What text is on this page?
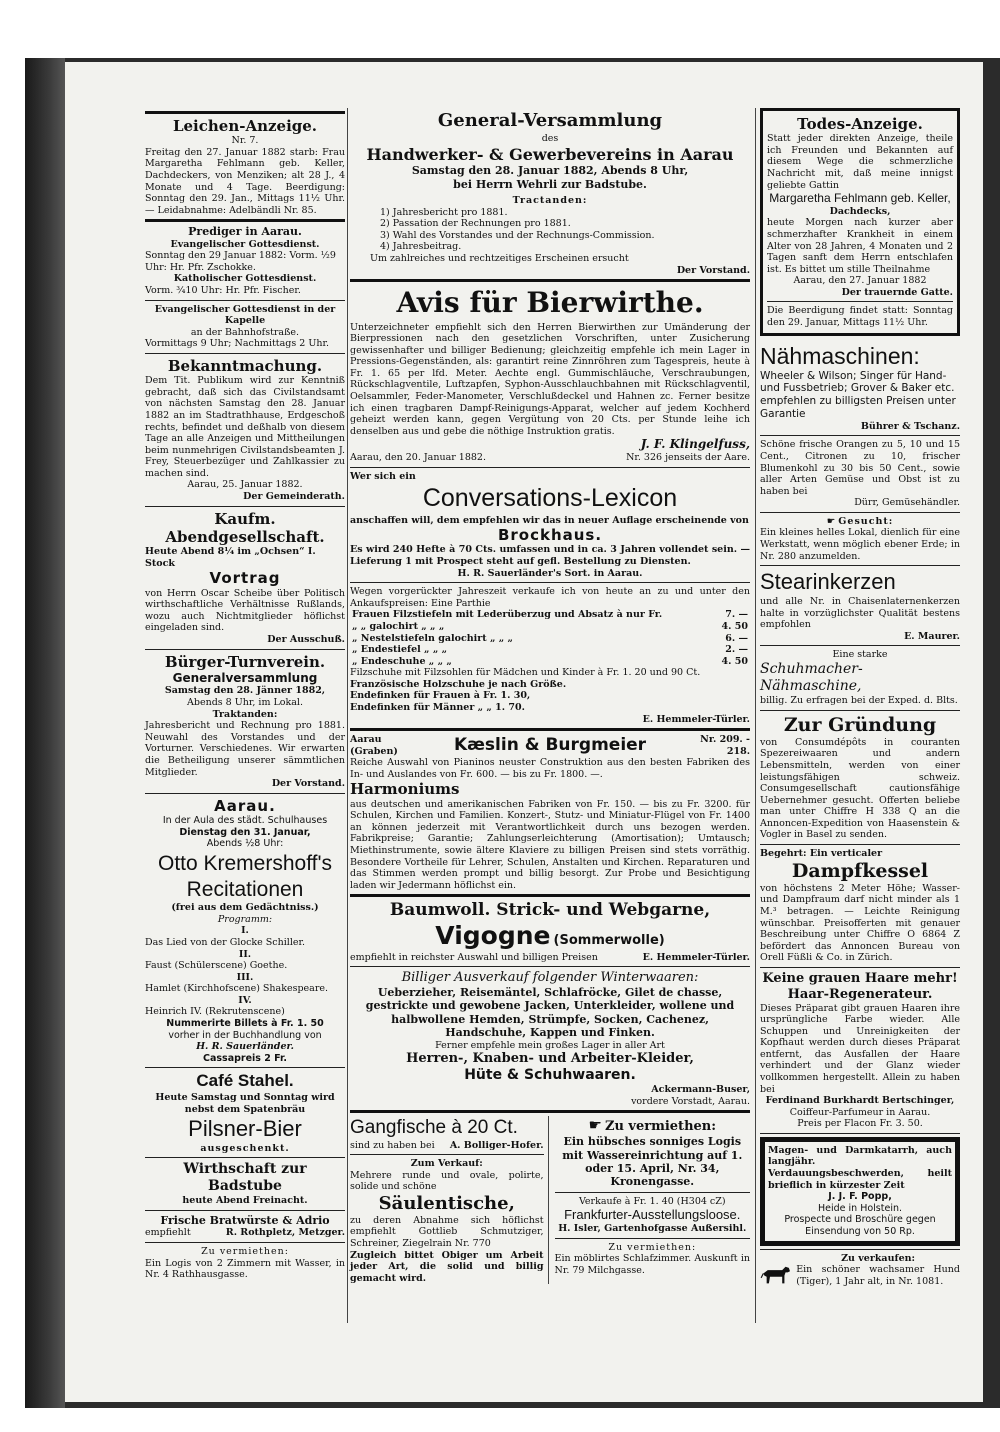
Leichen-Anzeige.
Nr. 7.

Freitag den 27. Januar 1882 starb: Frau Margaretha Fehlmann geb. Keller, Dachdeckers, von Menziken; alt 28 J., 4 Monate und 4 Tage. Beerdigung: Sonntag den 29. Jan., Mittags 11½ Uhr. — Leidabnahme: Adelbändli Nr. 85.

Prediger in Aarau.
Evangelischer Gottesdienst.

Sonntag den 29 Januar 1882: Vorm. ½9 Uhr: Hr. Pfr. Zschokke.

Katholischer Gottesdienst.

Vorm. ¾10 Uhr: Hr. Pfr. Fischer.

Evangelischer Gottesdienst in der Kapelle
an der Bahnhofstraße.

Vormittags 9 Uhr; Nachmittags 2 Uhr.

Bekanntmachung.

Dem Tit. Publikum wird zur Kenntniß gebracht, daß sich das Civilstandsamt von nächsten Samstag den 28. Januar 1882 an im Stadtrathhause, Erdgeschoß rechts, befindet und deßhalb von diesem Tage an alle Anzeigen und Mittheilungen beim nunmehrigen Civilstandsbeamten J. Frey, Steuerbezüger und Zahlkassier zu machen sind.

Aarau, 25. Januar 1882.
Der Gemeinderath.
Kaufm. Abendgesellschaft.
Heute Abend 8¼ im „Ochsen“ I. Stock
Vortrag

von Herrn Oscar Scheibe über Politisch wirthschaftliche Verhältnisse Rußlands, wozu auch Nichtmitglieder höflichst eingeladen sind.

Der Ausschuß.
Bürger-Turnverein.
Generalversammlung
Samstag den 28. Jänner 1882,
Abends 8 Uhr, im Lokal.
Traktanden:

Jahresbericht und Rechnung pro 1881. Neuwahl des Vorstandes und der Vorturner. Verschiedenes. Wir erwarten die Betheiligung unserer sämmtlichen Mitglieder.

Der Vorstand.
Aarau.
In der Aula des städt. Schulhauses
Dienstag den 31. Januar,
Abends ½8 Uhr:
Otto Kremershoff's
Recitationen
(frei aus dem Gedächtniss.)
Programm:
I.
Das Lied von der Glocke Schiller.
II.
Faust (Schülerscene) Goethe.
III.
Hamlet (Kirchhofscene) Shakespeare.
IV.
Heinrich IV. (Rekrutenscene)
Nummerirte Billets à Fr. 1. 50
vorher in der Buchhandlung von
H. R. Sauerländer.
Cassapreis 2 Fr.
Café Stahel.

Heute Samstag und Sonntag wird nebst dem Spatenbräu

Pilsner-Bier
ausgeschenkt.
Wirthschaft zur Badstube
heute Abend Freinacht.
Frische Bratwürste & Adrio
empfiehlt	R. Rothpletz, Metzger.
Zu vermiethen:

Ein Logis von 2 Zimmern mit Wasser, in Nr. 4 Rathhausgasse.

General-Versammlung
des
Handwerker- & Gewerbevereins in Aarau
Samstag den 28. Januar 1882, Abends 8 Uhr,
bei Herrn Wehrli zur Badstube.
Tractanden:
1) Jahresbericht pro 1881.
2) Passation der Rechnungen pro 1881.
3) Wahl des Vorstandes und der Rechnungs-Commission.
4) Jahresbeitrag.
Um zahlreiches und rechtzeitiges Erscheinen ersucht
Der Vorstand.
Avis für Bierwirthe.

Unterzeichneter empfiehlt sich den Herren Bierwirthen zur Umänderung der Bierpressionen nach den gesetzlichen Vorschriften, unter Zusicherung gewissenhafter und billiger Bedienung; gleichzeitig empfehle ich mein Lager in Pressions-Gegenständen, als: garantirt reine Zinnröhren zum Tagespreis, heute à Fr. 1. 65 per lfd. Meter. Aechte engl. Gummischläuche, Verschraubungen, Rückschlagventile, Luftzapfen, Syphon-Ausschlauchbahnen mit Rückschlagventil, Oelsammler, Feder-Manometer, Verschlußdeckel und Hahnen zc. Ferner besitze ich einen tragbaren Dampf-Reinigungs-Apparat, welcher auf jedem Kochherd geheizt werden kann, gegen Vergütung von 20 Cts. per Stunde leihe ich denselben aus und gebe die nöthige Instruktion gratis.

J. F. Klingelfuss,
Aarau, den 20. Januar 1882.	Nr. 326 jenseits der Aare.
Wer sich ein
Conversations-Lexicon

anschaffen will, dem empfehlen wir das in neuer Auflage erscheinende von

Brockhaus.

Es wird 240 Hefte à 70 Cts. umfassen und in ca. 3 Jahren vollendet sein. — Lieferung 1 mit Prospect steht auf gefl. Bestellung zu Diensten.

H. R. Sauerländer's Sort. in Aarau.

Wegen vorgerückter Jahreszeit verkaufe ich von heute an zu und unter den Ankaufspreisen: Eine Parthie

Frauen Filzstiefeln mit Lederüberzug und Absatz à nur Fr.	7. —
„ „ galochirt „ „ „	4. 50
„ Nestelstiefeln galochirt „ „ „	6. —
„ Endestiefel „ „ „	2. —
„ Endeschuhe „ „ „	4. 50
Filzschuhe mit Filzsohlen für Mädchen und Kinder à Fr. 1. 20 und 90 Ct.
Französische Holzschuhe je nach Größe.
Endefinken für Frauen à Fr. 1. 30,
Endefinken für Männer „ „ 1. 70.
E. Hemmeler-Türler.
Aarau (Graben)	Kæslin & Burgmeier	Nr. 209. - 218.

Reiche Auswahl von Pianinos neuster Construktion aus den besten Fabriken des In- und Auslandes von Fr. 600. — bis zu Fr. 1800. —.

Harmoniums

aus deutschen und amerikanischen Fabriken von Fr. 150. — bis zu Fr. 3200. für Schulen, Kirchen und Familien. Konzert-, Stutz- und Miniatur-Flügel von Fr. 1400 an können jederzeit mit Verantwortlichkeit durch uns bezogen werden. Fabrikpreise; Garantie; Zahlungserleichterung (Amortisation); Umtausch; Miethinstrumente, sowie ältere Klaviere zu billigen Preisen sind stets vorräthig. Besondere Vortheile für Lehrer, Schulen, Anstalten und Kirchen. Reparaturen und das Stimmen werden prompt und billig besorgt. Zur Probe und Besichtigung laden wir Jedermann höflichst ein.

Baumwoll. Strick- und Webgarne,
Vigogne (Sommerwolle)
empfiehlt in reichster Auswahl und billigen Preisen	E. Hemmeler-Türler.
Billiger Ausverkauf folgender Winterwaaren:

Ueberzieher, Reisemäntel, Schlafröcke, Gilet de chasse, gestrickte und gewobene Jacken, Unterkleider, wollene und halbwollene Hemden, Strümpfe, Socken, Cachenez, Handschuhe, Kappen und Finken.

Ferner empfehle mein großes Lager in aller Art
Herren-, Knaben- und Arbeiter-Kleider,
Hüte & Schuhwaaren.
Ackermann-Buser,
vordere Vorstadt, Aarau.
Gangfische à 20 Ct.
sind zu haben bei A. Bolliger-Hofer.
Zum Verkauf:

Mehrere runde und ovale, polirte, solide und schöne

Säulentische,

zu deren Abnahme sich höflichst empfiehlt Gottlieb Schmutziger, Schreiner, Ziegelrain Nr. 770

Zugleich bittet Obiger um Arbeit jeder Art, die solid und billig gemacht wird.

☛ Zu vermiethen:

Ein hübsches sonniges Logis mit Wassereinrichtung auf 1. oder 15. April, Nr. 34, Kronengasse.

Verkaufe à Fr. 1. 40 (H304 cZ)
Frankfurter-Ausstellungsloose.
H. Isler, Gartenhofgasse Außersihl.
Zu vermiethen:

Ein möblirtes Schlafzimmer. Auskunft in Nr. 79 Milchgasse.

Todes-Anzeige.

Statt jeder direkten Anzeige, theile ich Freunden und Bekannten auf diesem Wege die schmerzliche Nachricht mit, daß meine innigst geliebte Gattin

Margaretha Fehlmann geb. Keller,
Dachdecks,

heute Morgen nach kurzer aber schmerzhafter Krankheit in einem Alter von 28 Jahren, 4 Monaten und 2 Tagen sanft dem Herrn entschlafen ist. Es bittet um stille Theilnahme

Aarau, den 27. Januar 1882
Der trauernde Gatte.

Die Beerdigung findet statt: Sonntag den 29. Januar, Mittags 11½ Uhr.

Nähmaschinen:

Wheeler & Wilson; Singer für Hand- und Fussbetrieb; Grover & Baker etc. empfehlen zu billigsten Preisen unter Garantie

Bührer & Tschanz.

Schöne frische Orangen zu 5, 10 und 15 Cent., Citronen zu 10, frischer Blumenkohl zu 30 bis 50 Cent., sowie aller Arten Gemüse und Obst ist zu haben bei

Dürr, Gemüsehändler.
☛ Gesucht:

Ein kleines helles Lokal, dienlich für eine Werkstatt, wenn möglich ebener Erde; in Nr. 280 anzumelden.

Stearinkerzen

und alle Nr. in Chaisenlaternenkerzen halte in vorzüglichster Qualität bestens empfohlen

E. Maurer.
Eine starke
Schuhmacher-Nähmaschine,

billig. Zu erfragen bei der Exped. d. Blts.

Zur Gründung

von Consumdépôts in couranten Spezereiwaaren und andern Lebensmitteln, werden von einer leistungsfähigen schweiz. Consumgesellschaft cautionsfähige Uebernehmer gesucht. Offerten beliebe man unter Chiffre H 338 Q an die Annoncen-Expedition von Haasenstein & Vogler in Basel zu senden.

Begehrt: Ein verticaler
Dampfkessel

von höchstens 2 Meter Höhe; Wasser- und Dampfraum darf nicht minder als 1 M.³ betragen. — Leichte Reinigung wünschbar. Preisofferten mit genauer Beschreibung unter Chiffre O 6864 Z befördert das Annoncen Bureau von Orell Füßli & Co. in Zürich.

Keine grauen Haare mehr!
Haar-Regenerateur.

Dieses Präparat gibt grauen Haaren ihre ursprüngliche Farbe wieder. Alle Schuppen und Unreinigkeiten der Kopfhaut werden durch dieses Präparat entfernt, das Ausfallen der Haare verhindert und der Glanz wieder vollkommen hergestellt. Allein zu haben bei

Ferdinand Burkhardt Bertschinger,
Coiffeur-Parfumeur in Aarau.
Preis per Flacon Fr. 3. 50.

Magen- und Darmkatarrh, auch langjähr. Verdauungsbeschwerden, heilt brieflich in kürzester Zeit

J. J. F. Popp,
Heide in Holstein.

Prospecte und Broschüre gegen Einsendung von 50 Rp.

Zu verkaufen:

Ein schöner wachsamer Hund (Tiger), 1 Jahr alt, in Nr. 1081.
